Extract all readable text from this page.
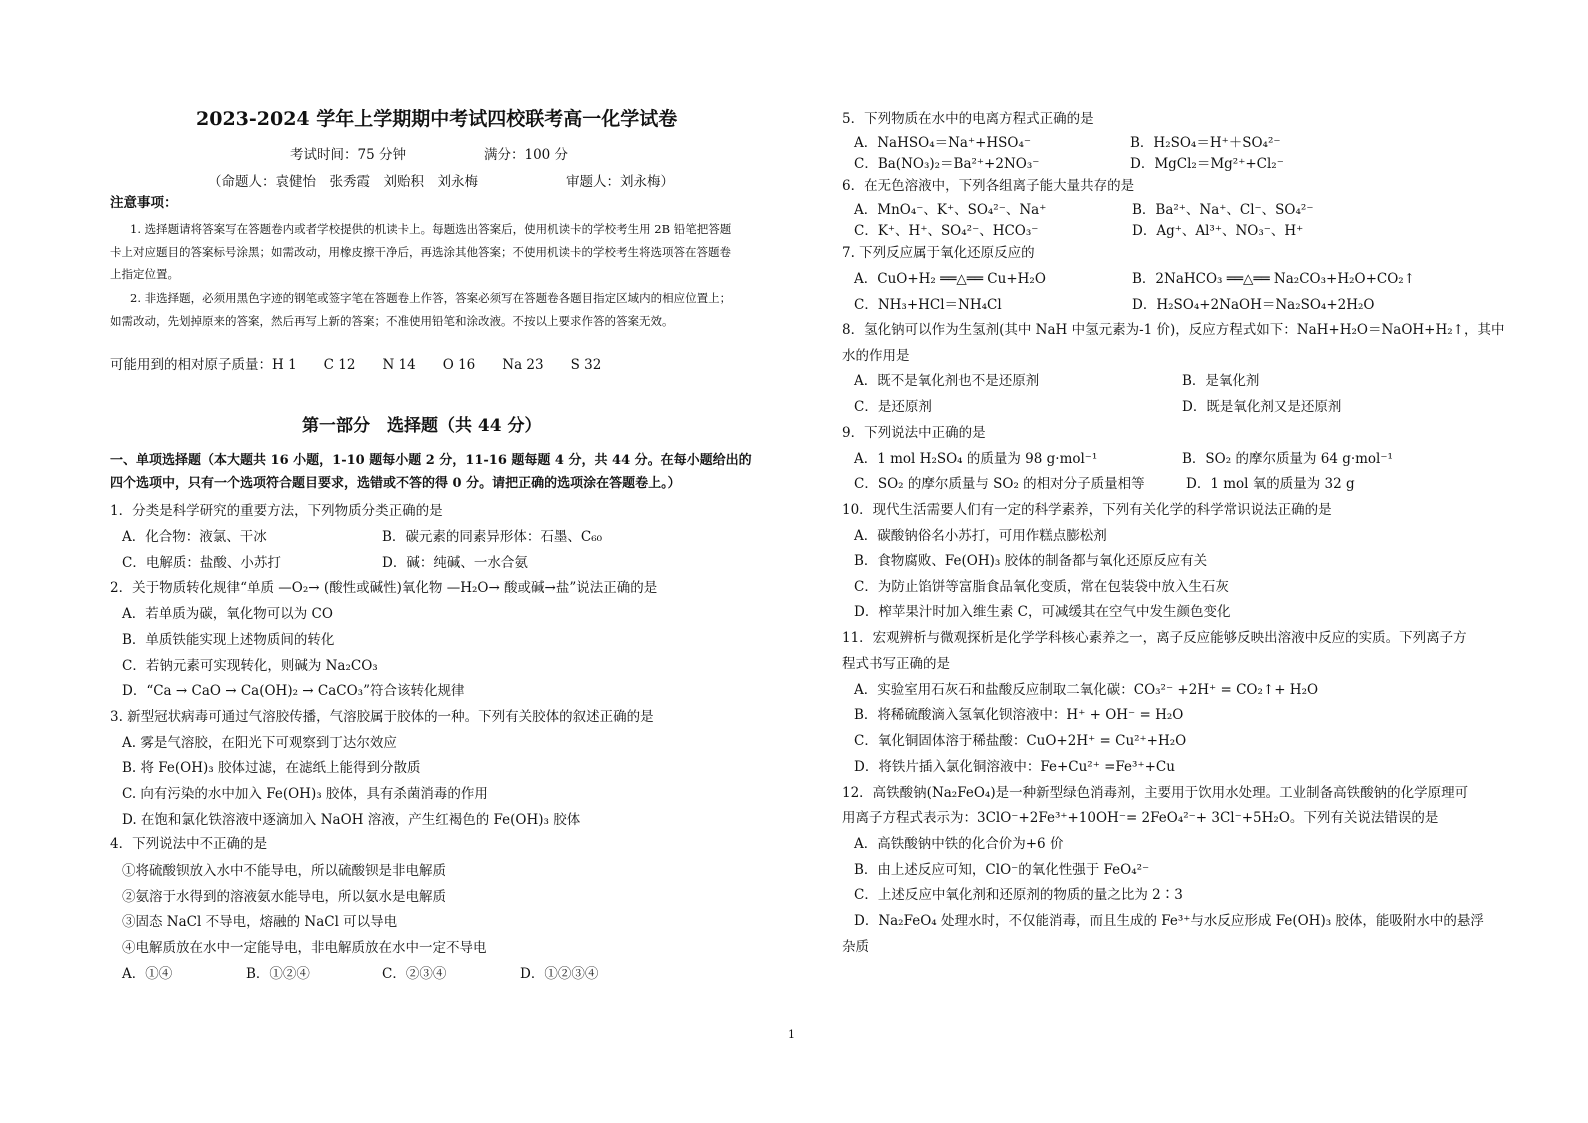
2023-2024 学年上学期期中考试四校联考高一化学试卷
考试时间：75 分钟	满分：100 分
（命题人：袁健怡　张秀霞　刘贻积　刘永梅	审题人：刘永梅）
注意事项：
1. 选择题请将答案写在答题卷内或者学校提供的机读卡上。每题选出答案后，使用机读卡的学校考生用 2B 铅笔把答题
卡上对应题目的答案标号涂黑；如需改动，用橡皮擦干净后，再选涂其他答案；不使用机读卡的学校考生将选项答在答题卷
上指定位置。
2. 非选择题，必须用黑色字迹的钢笔或签字笔在答题卷上作答，答案必须写在答题卷各题目指定区域内的相应位置上；
如需改动，先划掉原来的答案，然后再写上新的答案；不准使用铅笔和涂改液。不按以上要求作答的答案无效。
可能用到的相对原子质量：H 1　　C 12　　N 14　　O 16　　Na 23　　S 32
第一部分　选择题（共 44 分）
一、单项选择题（本大题共 16 小题，1-10 题每小题 2 分，11-16 题每题 4 分，共 44 分。在每小题给出的
四个选项中，只有一个选项符合题目要求，选错或不答的得 0 分。请把正确的选项涂在答题卷上。）
1．分类是科学研究的重要方法，下列物质分类正确的是
A．化合物：液氯、干冰	B．碳元素的同素异形体：石墨、C₆₀
C．电解质：盐酸、小苏打	D．碱：纯碱、一水合氨
2．关于物质转化规律“单质 —O₂→ (酸性或碱性)氧化物 —H₂O→ 酸或碱→盐”说法正确的是
A．若单质为碳，氧化物可以为 CO
B．单质铁能实现上述物质间的转化
C．若钠元素可实现转化，则碱为 Na₂CO₃
D．“Ca → CaO → Ca(OH)₂ → CaCO₃”符合该转化规律
3. 新型冠状病毒可通过气溶胶传播，气溶胶属于胶体的一种。下列有关胶体的叙述正确的是
A. 雾是气溶胶，在阳光下可观察到丁达尔效应
B. 将 Fe(OH)₃ 胶体过滤，在滤纸上能得到分散质
C. 向有污染的水中加入 Fe(OH)₃ 胶体，具有杀菌消毒的作用
D. 在饱和氯化铁溶液中逐滴加入 NaOH 溶液，产生红褐色的 Fe(OH)₃ 胶体
4．下列说法中不正确的是
①将硫酸钡放入水中不能导电，所以硫酸钡是非电解质
②氨溶于水得到的溶液氨水能导电，所以氨水是电解质
③固态 NaCl 不导电，熔融的 NaCl 可以导电
④电解质放在水中一定能导电，非电解质放在水中一定不导电
A．①④	B．①②④	C．②③④	D．①②③④
5．下列物质在水中的电离方程式正确的是
A．NaHSO₄＝Na⁺+HSO₄⁻	B．H₂SO₄＝H⁺＋SO₄²⁻
C．Ba(NO₃)₂＝Ba²⁺+2NO₃⁻	D．MgCl₂＝Mg²⁺+Cl₂⁻
6．在无色溶液中，下列各组离子能大量共存的是
A．MnO₄⁻、K⁺、SO₄²⁻、Na⁺	B．Ba²⁺、Na⁺、Cl⁻、SO₄²⁻
C．K⁺、H⁺、SO₄²⁻、HCO₃⁻	D．Ag⁺、Al³⁺、NO₃⁻、H⁺
7. 下列反应属于氧化还原反应的
A．CuO+H₂ ══△══ Cu+H₂O	B．2NaHCO₃ ══△══ Na₂CO₃+H₂O+CO₂↑
C．NH₃+HCl＝NH₄Cl	D．H₂SO₄+2NaOH＝Na₂SO₄+2H₂O
8．氢化钠可以作为生氢剂(其中 NaH 中氢元素为-1 价)，反应方程式如下：NaH+H₂O＝NaOH+H₂↑，其中
水的作用是
A．既不是氧化剂也不是还原剂	B．是氧化剂
C．是还原剂	D．既是氧化剂又是还原剂
9．下列说法中正确的是
A．1 mol H₂SO₄ 的质量为 98 g·mol⁻¹	B．SO₂ 的摩尔质量为 64 g·mol⁻¹
C．SO₂ 的摩尔质量与 SO₂ 的相对分子质量相等	D．1 mol 氧的质量为 32 g
10．现代生活需要人们有一定的科学素养，下列有关化学的科学常识说法正确的是
A．碳酸钠俗名小苏打，可用作糕点膨松剂
B．食物腐败、Fe(OH)₃ 胶体的制备都与氧化还原反应有关
C．为防止馅饼等富脂食品氧化变质，常在包装袋中放入生石灰
D．榨苹果汁时加入维生素 C，可减缓其在空气中发生颜色变化
11．宏观辨析与微观探析是化学学科核心素养之一，离子反应能够反映出溶液中反应的实质。下列离子方
程式书写正确的是
A．实验室用石灰石和盐酸反应制取二氧化碳：CO₃²⁻ +2H⁺ = CO₂↑+ H₂O
B．将稀硫酸滴入氢氧化钡溶液中：H⁺ + OH⁻ = H₂O
C．氧化铜固体溶于稀盐酸：CuO+2H⁺ = Cu²⁺+H₂O
D．将铁片插入氯化铜溶液中：Fe+Cu²⁺ =Fe³⁺+Cu
12．高铁酸钠(Na₂FeO₄)是一种新型绿色消毒剂，主要用于饮用水处理。工业制备高铁酸钠的化学原理可
用离子方程式表示为：3ClO⁻+2Fe³⁺+10OH⁻= 2FeO₄²⁻+ 3Cl⁻+5H₂O。下列有关说法错误的是
A．高铁酸钠中铁的化合价为+6 价
B．由上述反应可知，ClO⁻的氧化性强于 FeO₄²⁻
C．上述反应中氧化剂和还原剂的物质的量之比为 2∶3
D．Na₂FeO₄ 处理水时，不仅能消毒，而且生成的 Fe³⁺与水反应形成 Fe(OH)₃ 胶体，能吸附水中的悬浮
杂质
1
